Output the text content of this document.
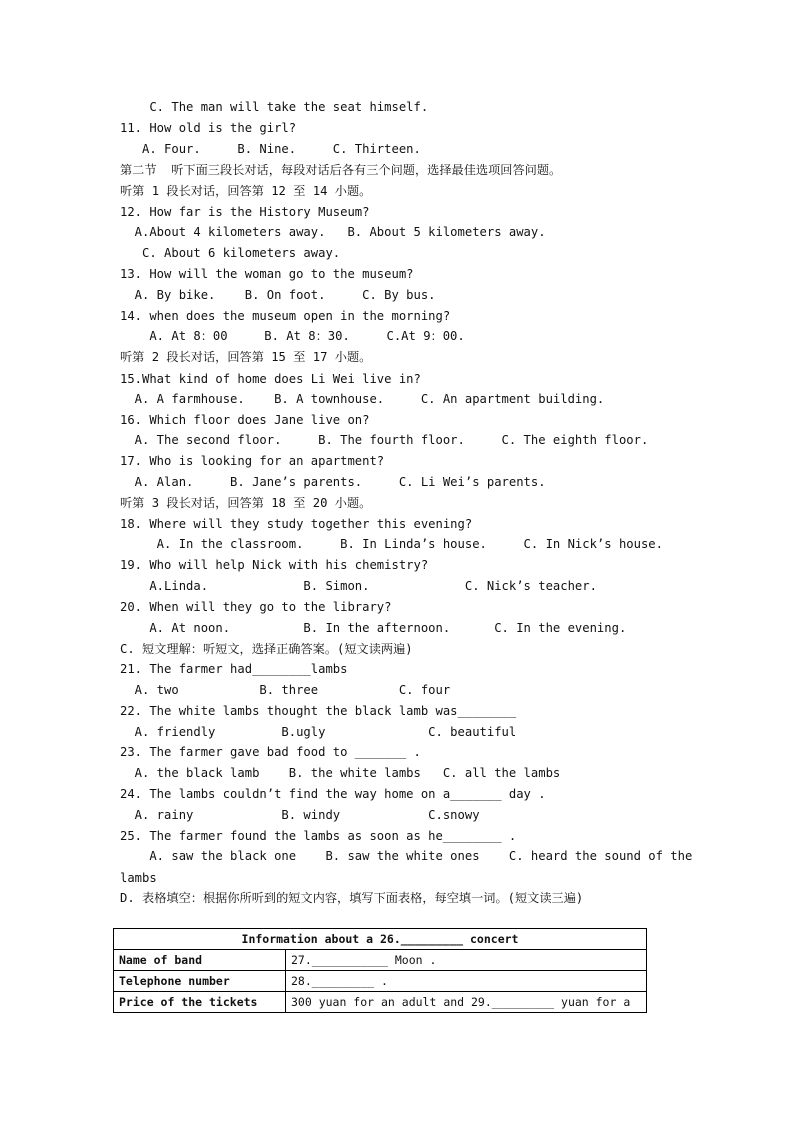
C. The man will take the seat himself.
11. How old is the girl?
A. Four.     B. Nine.     C. Thirteen.
第二节  听下面三段长对话，每段对话后各有三个问题，选择最佳选项回答问题。
听第 1 段长对话，回答第 12 至 14 小题。
12. How far is the History Museum?
A.About 4 kilometers away.   B. About 5 kilometers away.
C. About 6 kilometers away.
13. How will the woman go to the museum?
A. By bike.    B. On foot.     C. By bus.
14. when does the museum open in the morning?
A. At 8：00     B. At 8：30.     C.At 9：00.
听第 2 段长对话，回答第 15 至 17 小题。
15.What kind of home does Li Wei live in?
A. A farmhouse.    B. A townhouse.     C. An apartment building.
16. Which floor does Jane live on?
A. The second floor.     B. The fourth floor.     C. The eighth floor.
17. Who is looking for an apartment?
A. Alan.     B. Jane’s parents.     C. Li Wei’s parents.
听第 3 段长对话，回答第 18 至 20 小题。
18. Where will they study together this evening?
A. In the classroom.     B. In Linda’s house.     C. In Nick’s house.
19. Who will help Nick with his chemistry?
A.Linda.             B. Simon.             C. Nick’s teacher.
20. When will they go to the library?
A. At noon.          B. In the afternoon.      C. In the evening.
C. 短文理解：听短文，选择正确答案。(短文读两遍)
21. The farmer had________lambs
A. two           B. three           C. four
22. The white lambs thought the black lamb was________
A. friendly         B.ugly              C. beautiful
23. The farmer gave bad food to _______ .
A. the black lamb    B. the white lambs   C. all the lambs
24. The lambs couldn’t find the way home on a_______ day .
A. rainy            B. windy            C.snowy
25. The farmer found the lambs as soon as he________ .
A. saw the black one    B. saw the white ones    C. heard the sound of the
lambs
D. 表格填空：根据你所听到的短文内容，填写下面表格，每空填一词。(短文读三遍)
Information about a 26._________ concert	
Name of band	27.___________ Moon .
Telephone number	28._________ .
Price of the tickets	300 yuan for an adult and 29._________ yuan for a
